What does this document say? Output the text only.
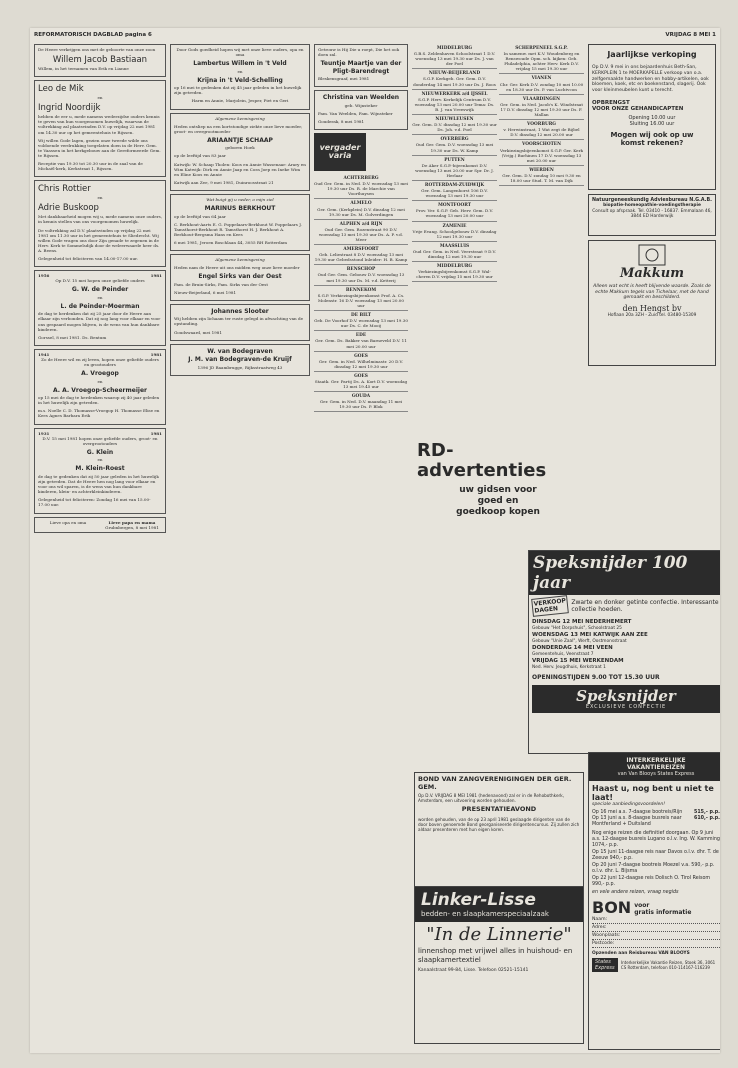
REFORMATORISCH DAGBLAD pagina 6	VRIJDAG 8 MEI 1

De Heere verkrijgen ons met de geboorte van onze zoon

Willem Jacob Bastiaan

Willem, in het ternamen van Erik en Lianne

Leo de Mik

en

Ingrid Noordijk

hebben de eer u, mede namens wederzijdse ouders kennis te geven van hun voorgenomen huwelijk, waarvan de voltrekking zal plaatsvinden D.V. op vrijdag 22 mei 1981 om 14.30 uur op het gemeentehuis te Rijssen.

Wij willen Gode lagen, gezien onze tweede wilde ons voldoende verdrukking toegelaten doen in de Herv. Gem. te Vaassen in het kerkgebouw aan de Gereformeerde Gem. te Rijssen.

Receptie van 19.30 tot 20.30 uur in de zaal van de Michaël-kerk, Kerkstraat 1, Rijssen.

Chris Rottier

en

Adrie Buskoop

Met dankbaarheid mogen wij u, mede namens onze ouders, in kennis stellen van ons voorgenomen huwelijk.

De voltrekking zal D.V. plaatsvinden op vrijdag 22 mei 1981 om 11.30 uur in het gemeentehuis te Sliedrecht. Wij willen Gode vragen ons door Zijn genade te zegenen in de Herv. Kerk te Sommelsdijk door de weleerwaarde heer ds. A. Beens.

Gelegenheid tot feliciteren van 14.00-17.00 uur.

1956	1981

Op D.V. 15 mei hopen onze geliefde ouders

G. W. de Peinder

en

L. de Peinder-Moerman

de dag te herdenken dat zij 25 jaar door de Heere aan elkaar zijn verbonden. Dat zij nog lang voor elkaar en voor ons gespaard mogen blijven, is de wens van hun dankbare kinderen.

Gorssel, 8 mei 1981. Ds. Bentum

1941	1981

Zo de Heere wil en zij leven, hopen onze geliefde ouders en grootouders

A. Vroegop

en

A. A. Vroegop-Scheermeijer

op 15 mei de dag te herdenken waarop zij 40 jaar geleden in het huwelijk zijn getreden.

m.s. Noelle C. D. Thomasse-Vroegop H. Thomasse Elise en Kees Agnes Barbara Erik

1931	1981

D.V. 15 mei 1981 hopen onze geliefde ouders, groot- en overgrootouders

G. Klein

en

M. Klein-Roest

de dag te gedenken dat zij 50 jaar geleden in het huwelijk zijn getreden. Dat de Heere hen nog lang voor elkaar en voor ons wil sparen, is de wens van hun dankbare kinderen, klein- en achterkleinkinderen.

Gelegenheid tot feliciteren: Zondag 16 mei van 15.00-17.00 uur.

Lieve opa en oma	Lieve papa en mama
Grubnbergen, 8 mei 1981

Door Gods goedheid hopen wij met onze lieve ouders, opa en oma

Lambertus Willem in 't Veld

en

Krijna in 't Veld-Schelling

op 16 mei te gedenken dat zij 45 jaar geleden in het huwelijk zijn getreden.

Harm en Annie, Marjolein, Jesper, Piet en Geri

Algemene kennisgeving

Heden ontsliep na een kortstondige ziekte onze lieve moeder, groot- en overgrootmoeder

ARIAANTJE SCHAAP

geboren Hoek

op de leeftijd van 83 jaar

Katwijk: W. Schaap Tholen: Koos en Annie Wassenaar: Arary en Wim Katwijk: Dirk en Annie Jaap en Cora Joep en Ineke Wim en Eline Koos en Annie

Katwijk aan Zee, 9 mei 1981, Duinroosstraat 21

Wat buigt gij u neder, o mijn ziel

MARINUS BERKHOUT

op de leeftijd van 64 jaar

C. Berkhout-Aarts E. G. Poppelaars-Berkhout W. Poppelaars J. Tamsthorst-Berkhout R. Tamsthorst H. J. Berkhout A. Berkhout-Bergsma Hans en Kees

6 mei 1981, Jeroen Boschlaan 44, 3055 RH Rotterdam

Algemene kennisgeving

Heden nam de Heere uit ons midden weg onze lieve moeder

Engel Sirks van der Oest

Fam. de Bruin-Sirks, Fam. Sirks van der Oest

Nieuw-Beijerland, 6 mei 1981

Johannes Slooter

Wij hebben zijn lichaam ter ruste gelegd in afwachting van de opstanding.

Goudswaard, mei 1981

W. van Bodegraven
J. M. van Bodegraven-de Kruijf

1396 JD Baambrugge, Rijksstraatweg 43

Getrouw is Hij Die u roept, Die het ook doen zal.

Teuntje Maartje van der Pligt-Barendregt

Bleskensgraaf, mei 1981

Christina van Weelden

geb. Wijnsteker

Fam. Van Weelden, Fam. Wijnsteker

Gouderak, 8 mei 1981

vergader varia
ACHTERBERG
Oud Ger. Gem. in Ned. D.V. woensdag 13 mei 19.30 uur Ds. R. de Marchie van Voorthuysen
ALMELO
Ger. Gem. (Kerkplein) D.V. dinsdag 12 mei 19.30 uur Ds. M. Golverdingen
ALPHEN a/d RIJN
Oud Ger. Gem. Rozenstraat 90 D.V. woensdag 13 mei 19.30 uur Ds. A. P. v.d. Meer
AMERSFOORT
Geb. Leliestraat 8 D.V. woensdag 13 mei 19.30 uur Gebedsstond Inleider: H. B. Kamp
BENSCHOP
Oud Ger. Gem. Gebouw D.V. woensdag 13 mei 19.30 uur Ds. M. v.d. Ketterij
BENNEKOM
S.G.P. Verkiezingsbijeenkomst Prof. A. Cs. Molenstr. 16 D.V. woensdag 13 mei 20.00 uur
DE BILT
Geb. De Voorhof D.V. woensdag 13 mei 19.30 uur Ds. C. de Mooij
EDE
Ger. Gem. Ds. Bakker van Barneveld D.V. 11 mei 20.00 uur
GOES
Ger. Gem. in Ned. Wilhelminastr. 20 D.V. dinsdag 12 mei 19.30 uur
GOES
Staatk. Ger. Partij Ds. A. Kort D.V. woensdag 13 mei 19.45 uur
GOUDA
Ger. Gem. in Ned. D.V. maandag 11 mei 19.30 uur Ds. P. Blok
MIDDELBURG
G.B.S. Zeldenhaven Schoolstraat 1 D.V. woensdag 13 mei 19.30 uur Ds. J. van der Poel
NIEUW-BEIJERLAND
S.G.P. Kerkgeb. Ger. Gem. D.V. donderdag 14 mei 19.30 uur Ds. J. Roos
NIEUWERKERK a/d IJSSEL
S.G.P. Herv. Kerkelijk Centrum D.V. woensdag 13 mei 20.00 uur Tema: Ds. B. J. van Vreeswijk
NIEUWLEUSEN
Ger. Gem. D.V. dinsdag 12 mei 19.30 uur Ds. Joh. v.d. Poel
OVERBERG
Oud Ger. Gem. D.V. woensdag 13 mei 19.30 uur Ds. W. Kamp
PUTTEN
De Aker S.G.P.-bijeenkomst D.V. woensdag 13 mei 20.00 uur Spr. Dr. J. Herlaar
ROTTERDAM-ZUIDWIJK
Ger. Gem. Langenhorst 106 D.V. woensdag 13 mei 19.30 uur
MONTFOORT
Prov. Ver. S.G.P. Geb. Herv. Gem. D.V. woensdag 13 mei 20.00 uur
ZAMENIE
Vrije Evang. Schoolgebouw D.V. dinsdag 12 mei 19.30 uur
MAASSLUIS
Oud Ger. Gem. in Ned. Veerstraat 9 D.V. dinsdag 12 mei 19.30 uur
MIDDELBURG
Verkiezingsbijeenkomst S.G.P. Wal-cheren D.V. vrijdag 15 mei 19.30 uur
SCHERPENEEL S.G.P.
In samenw. met K.V. Woudenberg en Renswoude Opm. sch. kijken: Geb. Philadelphia, achter Herv. Kerk D.V. vrijdag 15 mei 19.30 uur
VIANEN
Chr. Ger. Kerk D.V. zondag 10 mei 10.00 en 18.30 uur Ds. P. van Luchtvcon
VLAARDINGEN
Ger. Gem. in Ned. Jacob's K. Windstraat 17 D.V. dinsdag 12 mei 19.30 uur Ds. F. Mallan
VOORBURG
v. Herwinstraat, 1 Wat zegt de Bijbel D.V. dinsdag 12 mei 20.00 uur
VOORSCHOTEN
Verkiezingsbijeenkomst S.G.P. Ger. Kerk (Vrijg.) Burhinen 17 D.V. woensdag 13 mei 20.00 uur
WIERDEN
Ger. Gem. D.V. zondag 10 mei 9.30 en 18.00 uur Stud. T. M. van Dijk
RD-advertenties
uw gidsen voor
goed en
goedkoop kopen
BOND VAN ZANGVERENIGINGEN DER GER. GEM.

Op D.V. VRIJDAG 8 MEI 1981 (hedenavond) zal er in de Rehobothkerk, Amsterdam, een uitvoering worden gehouden.

PRESENTATIEAVOND

worden gehouden, van de op 23 april 1981 geslaagde dirigenten van de door boven genoemde Bond georganiseerde dirigentencursus. Zij zullen zich aldaar presenteren met hun eigen koren.

Linker-Lisse
bedden- en slaapkamerspeciaalzaak
"In de Linnerie"
linnenshop met vrijwel alles in huishoud- en slaapkamertextiel
Kanaalstraat 99-84, Lisse. Telefoon 02521-15141
Jaarlijkse verkoping

Op D.V. 9 mei in ons bejaardenhuis Beth-San, KERKPLEIN 1 te MOERKAPELLE verkoop van o.a. zelfgemaakte handwerken en hobby-artikelen, ook bloemen, koek, etc en boekenstand, slagerij. Ook voor kleinmeubelen kunt u terecht.

OPBRENGST
VOOR ONZE GEHANDICAPTEN
Opening 10.00 uur
Sluiting 16.00 uur
Mogen wij ook op uw
komst rekenen?
Natuurgeneeskundig Adviesbureau N.G.A.B.
biopatie-homeopathie-voedingstherapie
Consult op afspraak. Tel. 03410 - 16837. Emmalaan 46, 3844 ED Harderwijk
Makkum

Alleen wat echt is heeft blijvende waarde. Zoals de echte Makkum tegels van Tichelaar, met de hand gemaakt en beschilderd.

den Hengst bv
Hoflaan 20a 3ZH - Zuid tel. 03480-15309
Speksnijder 100 jaar
VERKOOP
DAGEN
Zwarte en donker getinte confectie. Interessante collectie hoeden.
DINSDAG 12 MEI NEDERHEMERT
Gebouw "Het Dorpshuis", Schoolstraat 25
WOENSDAG 13 MEI KATWIJK AAN ZEE
Gebouw "Unie Zaal", Werft, Oostmonsstraat
DONDERDAG 14 MEI VEEN
Gemeentehuis, Veenstraat 7
VRIJDAG 15 MEI WERKENDAM
Ned. Herv. Jeugdhuis, Kerkstraat 1
OPENINGSTIJDEN 9.00 TOT 15.30 UUR
Speksnijder
EXCLUSIEVE CONFECTIE
INTERKERKELIJKE
VAKANTIEREIZEN
van Van Blooys States Express
Haast u, nog bent u niet te laat!
speciale aanbiedingsvoordelen!
Op 16 mei a.s. 7-daagse bootreis/Rijn 515,- p.p.
Op 13 juni a.s. 8-daagse busreis naar Montferland + Duitsland
610,- p.p.

Nog enige reizen die definitief doorgaan. Op 9 juni a.s. 12-daagse busreis Lugano o.l.v. Ing. W. Kamming 1074,- p.p.

Op 15 juni 11-daagse reis naar Davos o.l.v. dhr. T. de Zeeuw 940,- p.p.

Op 20 juni 7-daagse bootreis Moezel v.a. 590,- p.p. o.l.v. dhr. L. Bijsma

Op 22 juni 12-daagse reis Dolisch O. Tirol Reisom 990,- p.p.

en vele andere reizen, vraag negids

BON voor
gratis informatie
Naam:
Adres:
Woonplaats:
Postcode:
Opzenden aan Reisbureau VAN BLOOYS
States Express
Interkerkelijke Vakantie Reizen, Stoek 36, 3061 CS Rotterdam, telefoon 010-114167-116239
